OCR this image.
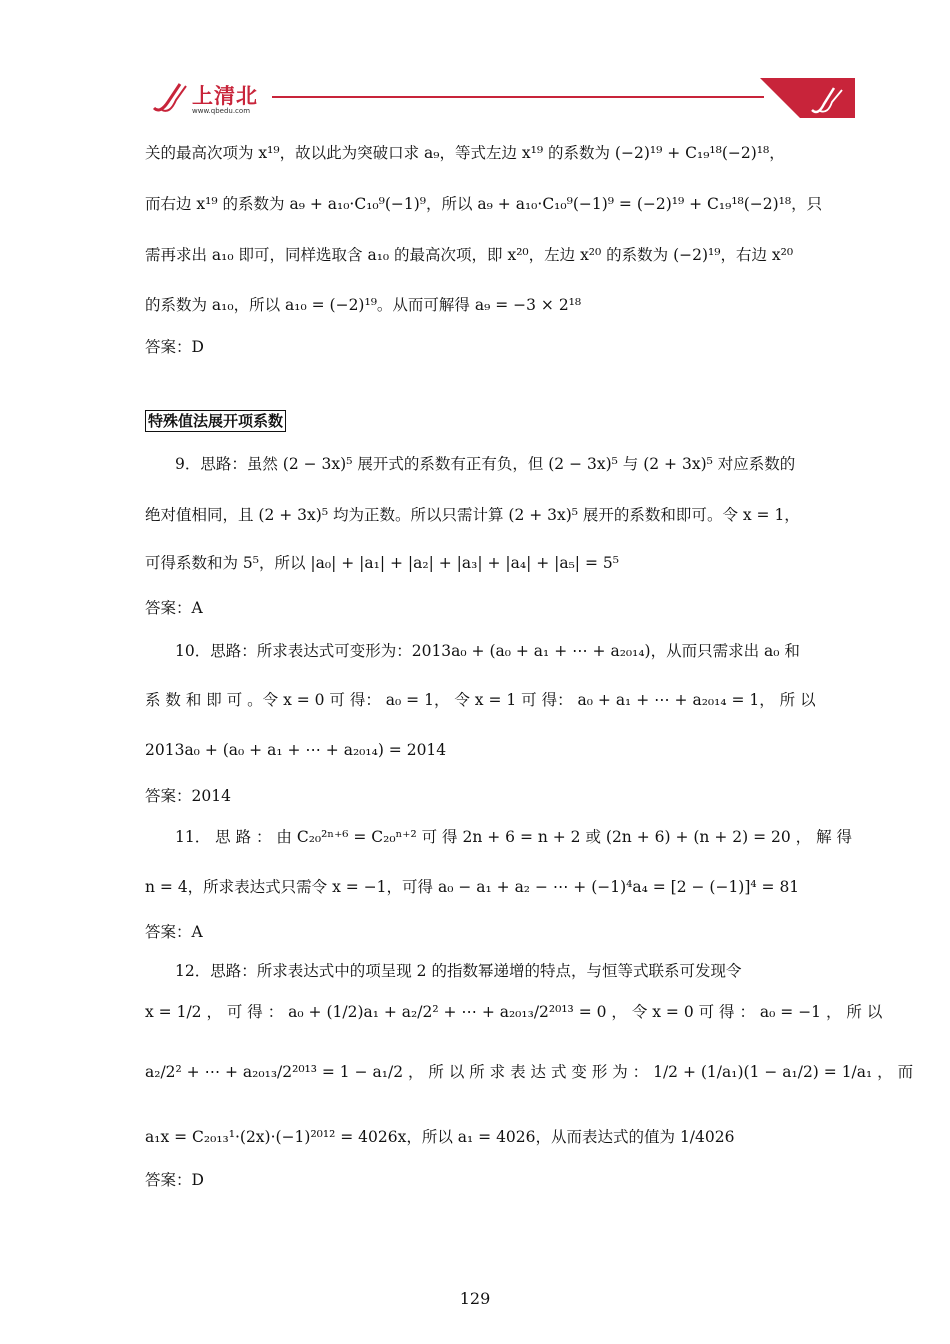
上清北
www.qbedu.com
关的最高次项为 x¹⁹，故以此为突破口求 a₉，等式左边 x¹⁹ 的系数为 (−2)¹⁹ + C₁₉¹⁸(−2)¹⁸，
而右边 x¹⁹ 的系数为 a₉ + a₁₀·C₁₀⁹(−1)⁹，所以 a₉ + a₁₀·C₁₀⁹(−1)⁹ = (−2)¹⁹ + C₁₉¹⁸(−2)¹⁸，只
需再求出 a₁₀ 即可，同样选取含 a₁₀ 的最高次项，即 x²⁰，左边 x²⁰ 的系数为 (−2)¹⁹，右边 x²⁰
的系数为 a₁₀，所以 a₁₀ = (−2)¹⁹。从而可解得 a₉ = −3 × 2¹⁸
答案：D
特殊值法展开项系数
9．思路：虽然 (2 − 3x)⁵ 展开式的系数有正有负，但 (2 − 3x)⁵ 与 (2 + 3x)⁵ 对应系数的
绝对值相同，且 (2 + 3x)⁵ 均为正数。所以只需计算 (2 + 3x)⁵ 展开的系数和即可。令 x = 1，
可得系数和为 5⁵，所以 |a₀| + |a₁| + |a₂| + |a₃| + |a₄| + |a₅| = 5⁵
答案：A
10．思路：所求表达式可变形为：2013a₀ + (a₀ + a₁ + ⋯ + a₂₀₁₄)，从而只需求出 a₀ 和
系 数 和 即 可 。令 x = 0 可 得： a₀ = 1， 令 x = 1 可 得： a₀ + a₁ + ⋯ + a₂₀₁₄ = 1， 所 以
2013a₀ + (a₀ + a₁ + ⋯ + a₂₀₁₄) = 2014
答案：2014
11． 思 路 ： 由 C₂₀²ⁿ⁺⁶ = C₂₀ⁿ⁺² 可 得 2n + 6 = n + 2 或 (2n + 6) + (n + 2) = 20 ， 解 得
n = 4，所求表达式只需令 x = −1，可得 a₀ − a₁ + a₂ − ⋯ + (−1)⁴a₄ = [2 − (−1)]⁴ = 81
答案：A
12．思路：所求表达式中的项呈现 2 的指数幂递增的特点，与恒等式联系可发现令
x = 1/2 ， 可 得 ： a₀ + (1/2)a₁ + a₂/2² + ⋯ + a₂₀₁₃/2²⁰¹³ = 0 ， 令 x = 0 可 得 ： a₀ = −1 ， 所 以
a₂/2² + ⋯ + a₂₀₁₃/2²⁰¹³ = 1 − a₁/2 ， 所 以 所 求 表 达 式 变 形 为 ： 1/2 + (1/a₁)(1 − a₁/2) = 1/a₁ ， 而
a₁x = C₂₀₁₃¹·(2x)·(−1)²⁰¹² = 4026x，所以 a₁ = 4026，从而表达式的值为 1/4026
答案：D
129
